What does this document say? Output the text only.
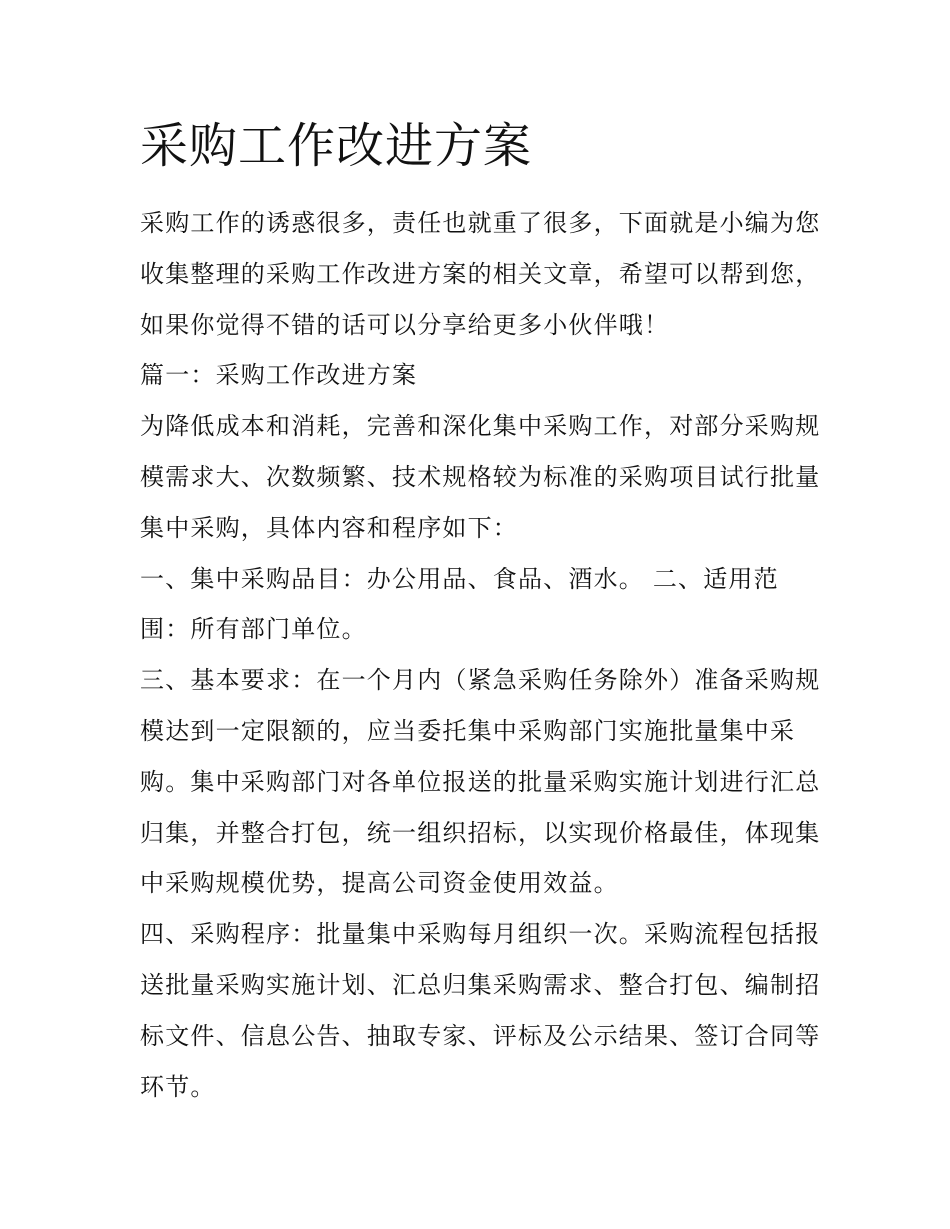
采购工作改进方案

采购工作的诱惑很多，责任也就重了很多，下面就是小编为您
收集整理的采购工作改进方案的相关文章，希望可以帮到您，
如果你觉得不错的话可以分享给更多小伙伴哦！

篇一：采购工作改进方案

为降低成本和消耗，完善和深化集中采购工作，对部分采购规
模需求大、次数频繁、技术规格较为标准的采购项目试行批量
集中采购，具体内容和程序如下：

一、集中采购品目：办公用品、食品、酒水。 二、适用范
围：所有部门单位。

三、基本要求：在一个月内（紧急采购任务除外）准备采购规
模达到一定限额的，应当委托集中采购部门实施批量集中采
购。集中采购部门对各单位报送的批量采购实施计划进行汇总
归集，并整合打包，统一组织招标，以实现价格最佳，体现集
中采购规模优势，提高公司资金使用效益。

四、采购程序：批量集中采购每月组织一次。采购流程包括报
送批量采购实施计划、汇总归集采购需求、整合打包、编制招
标文件、信息公告、抽取专家、评标及公示结果、签订合同等
环节。
